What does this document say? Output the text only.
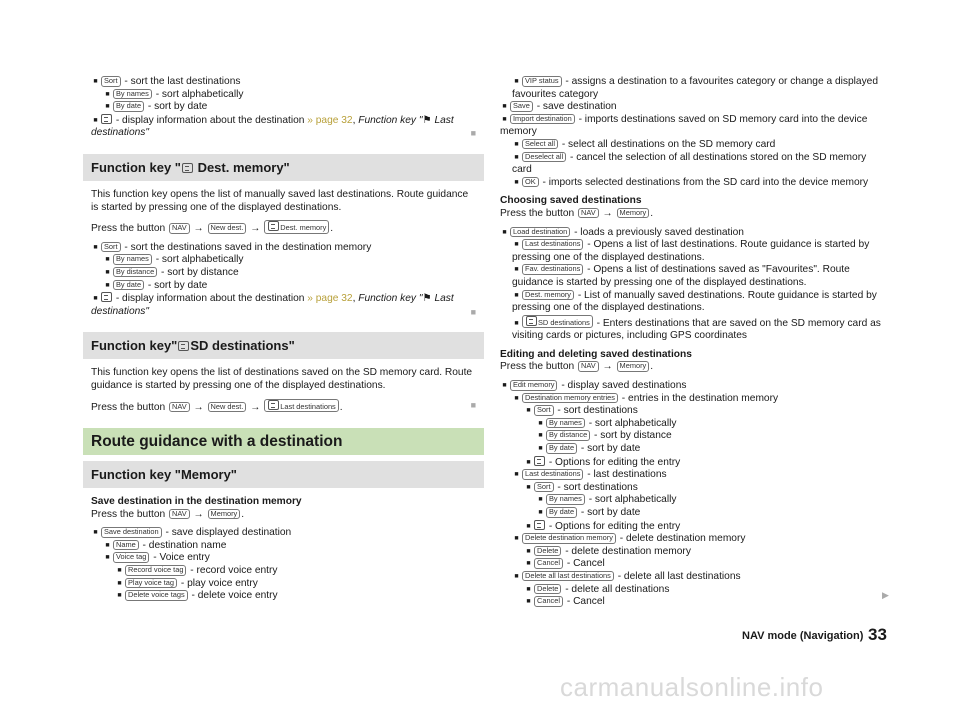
■ Sort - sort the last destinations

■ By names - sort alphabetically

■ By date - sort by date

■ - display information about the destination » page 32, Function key "⚑ Last destinations"	■

Function key " Dest. memory"

This function key opens the list of manually saved last destinations. Route guidance is started by pressing one of the displayed destinations.

Press the button NAV → New dest. → Dest. memory .

■ Sort - sort the destinations saved in the destination memory

■ By names - sort alphabetically

■ By distance - sort by distance

■ By date - sort by date

■ - display information about the destination » page 32, Function key "⚑ Last destinations"	■

Function key" SD destinations"

This function key opens the list of destinations saved on the SD memory card. Route guidance is started by pressing one of the displayed destinations.

Press the button NAV → New dest. → Last destinations .	■

Route guidance with a destination
Function key "Memory"

Save destination in the destination memory

Press the button NAV → Memory .

■ Save destination - save displayed destination

■ Name - destination name

■ Voice tag - Voice entry

■ Record voice tag - record voice entry

■ Play voice tag - play voice entry

■ Delete voice tags - delete voice entry

■ VIP status - assigns a destination to a favourites category or change a displayed favourites category

■ Save - save destination

■ Import destination - imports destinations saved on SD memory card into the device memory

■ Select all - select all destinations on the SD memory card

■ Deselect all - cancel the selection of all destinations stored on the SD memory card

■ OK - imports selected destinations from the SD card into the device memory

Choosing saved destinations

Press the button NAV → Memory .

■ Load destination - loads a previously saved destination

■ Last destinations - Opens a list of last destinations. Route guidance is started by pressing one of the displayed destinations.

■ Fav. destinations - Opens a list of destinations saved as "Favourites". Route guidance is started by pressing one of the displayed destinations.

■ Dest. memory - List of manually saved destinations. Route guidance is started by pressing one of the displayed destinations.

■	SD destinations - Enters destinations that are saved on the SD memory card as visiting cards or pictures, including GPS coordinates

Editing and deleting saved destinations

Press the button NAV → Memory .

■ Edit memory - display saved destinations

■ Destination memory entries - entries in the destination memory

■ Sort - sort destinations

■ By names - sort alphabetically

■ By distance - sort by distance

■ By date - sort by date

■ - Options for editing the entry

■ Last destinations - last destinations

■ Sort - sort destinations

■ By names - sort alphabetically

■ By date - sort by date

■ - Options for editing the entry

■ Delete destination memory - delete destination memory

■ Delete - delete destination memory

■ Cancel - Cancel

■ Delete all last destinations - delete all last destinations

■ Delete - delete all destinations

■ Cancel - Cancel

▶
NAV mode (Navigation) 33
carmanualsonline.info
